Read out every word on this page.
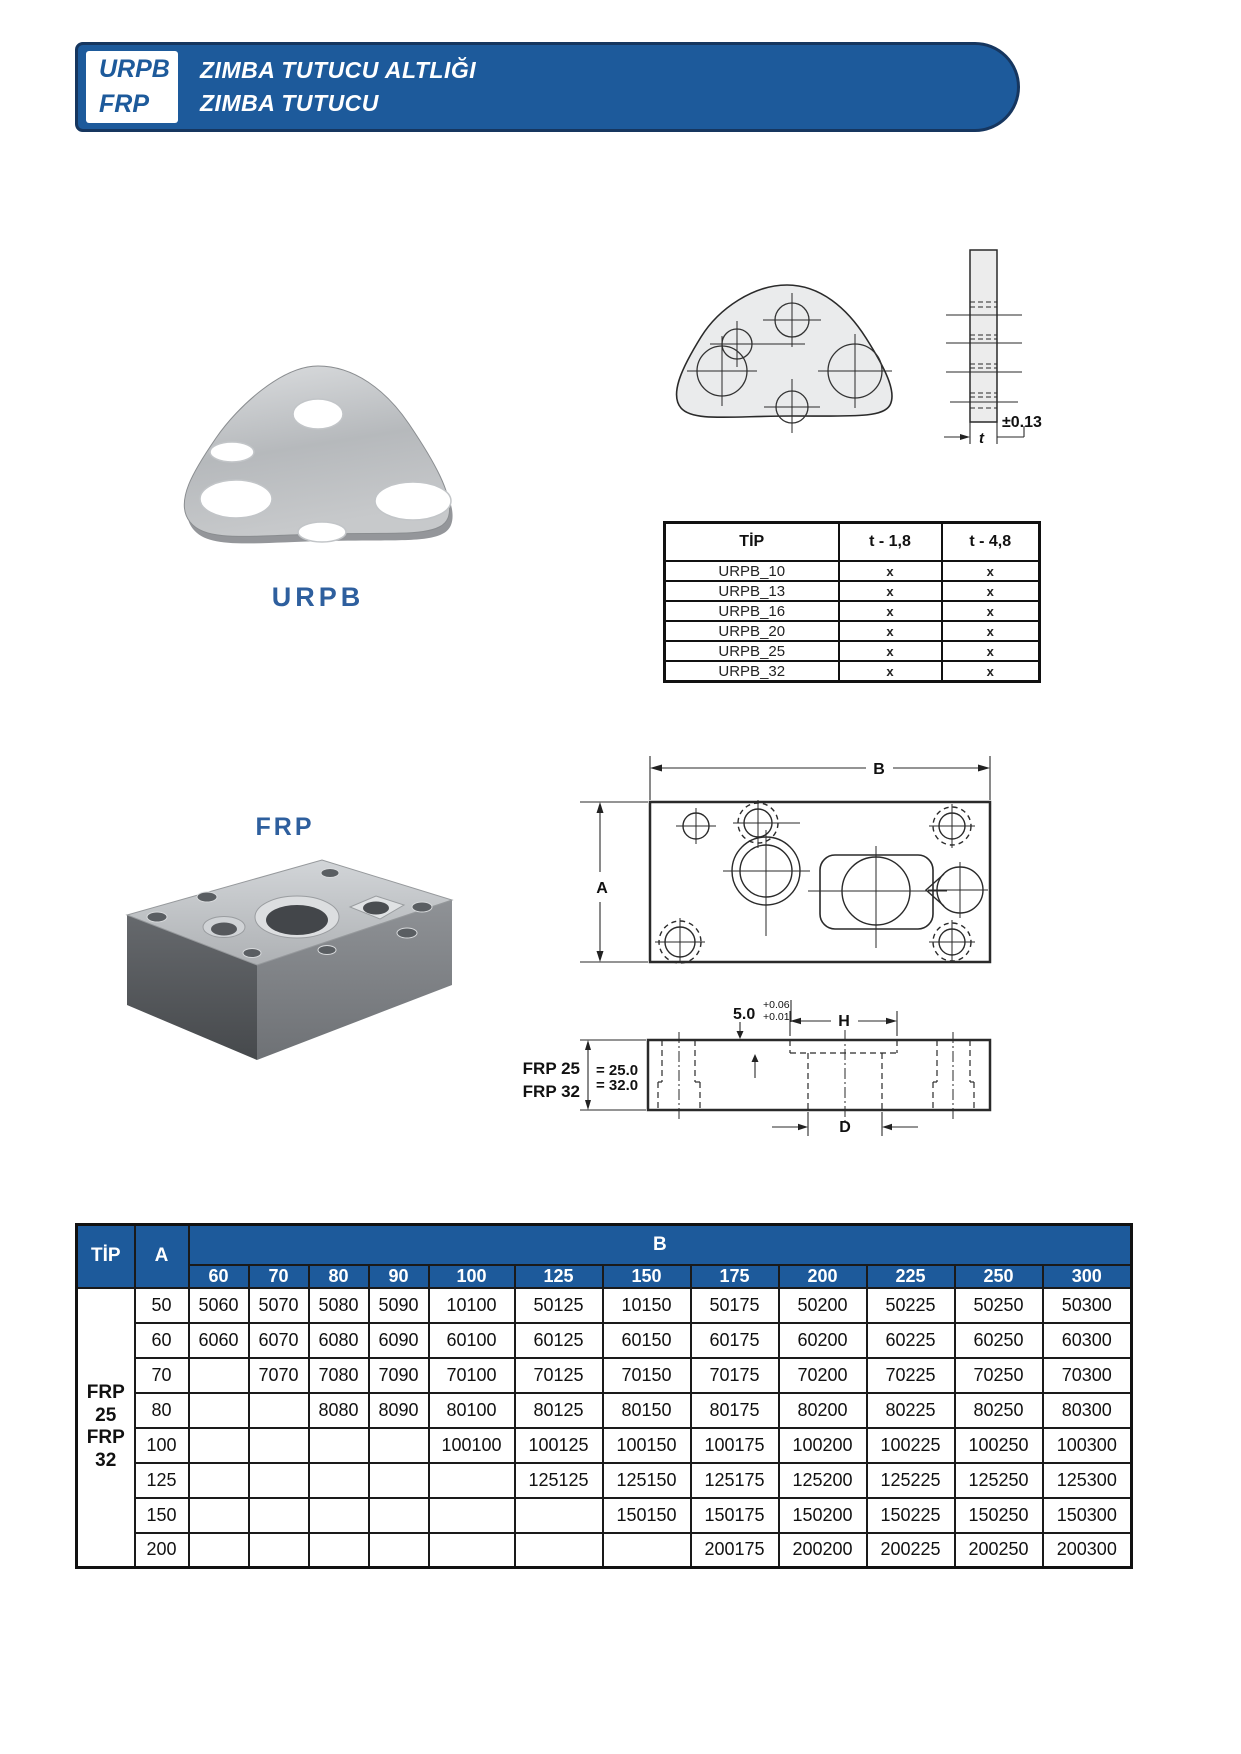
URPB
FRP
ZIMBA TUTUCU ALTLIĞI
ZIMBA TUTUCU
URPB
±0.13
t
TİP	t - 1,8	t - 4,8
URPB_10	x	x
URPB_13	x	x
URPB_16	x	x
URPB_20	x	x
URPB_25	x	x
URPB_32	x	x
FRP
B
A
FRP 25
FRP 32
= 25.0
= 32.0
5.0
+0.06
+0.01	H
D
TİP	A	B											
		60	70	80	90	100	125	150	175	200	225	250	300

FRP
25
FRP
32	50	5060	5070	5080	5090	10100	50125	10150	50175	50200	50225	50250	50300
	60	6060	6070	6080	6090	60100	60125	60150	60175	60200	60225	60250	60300
	70		7070	7080	7090	70100	70125	70150	70175	70200	70225	70250	70300
	80			8080	8090	80100	80125	80150	80175	80200	80225	80250	80300
	100					100100	100125	100150	100175	100200	100225	100250	100300
	125						125125	125150	125175	125200	125225	125250	125300
	150							150150	150175	150200	150225	150250	150300
	200								200175	200200	200225	200250	200300
